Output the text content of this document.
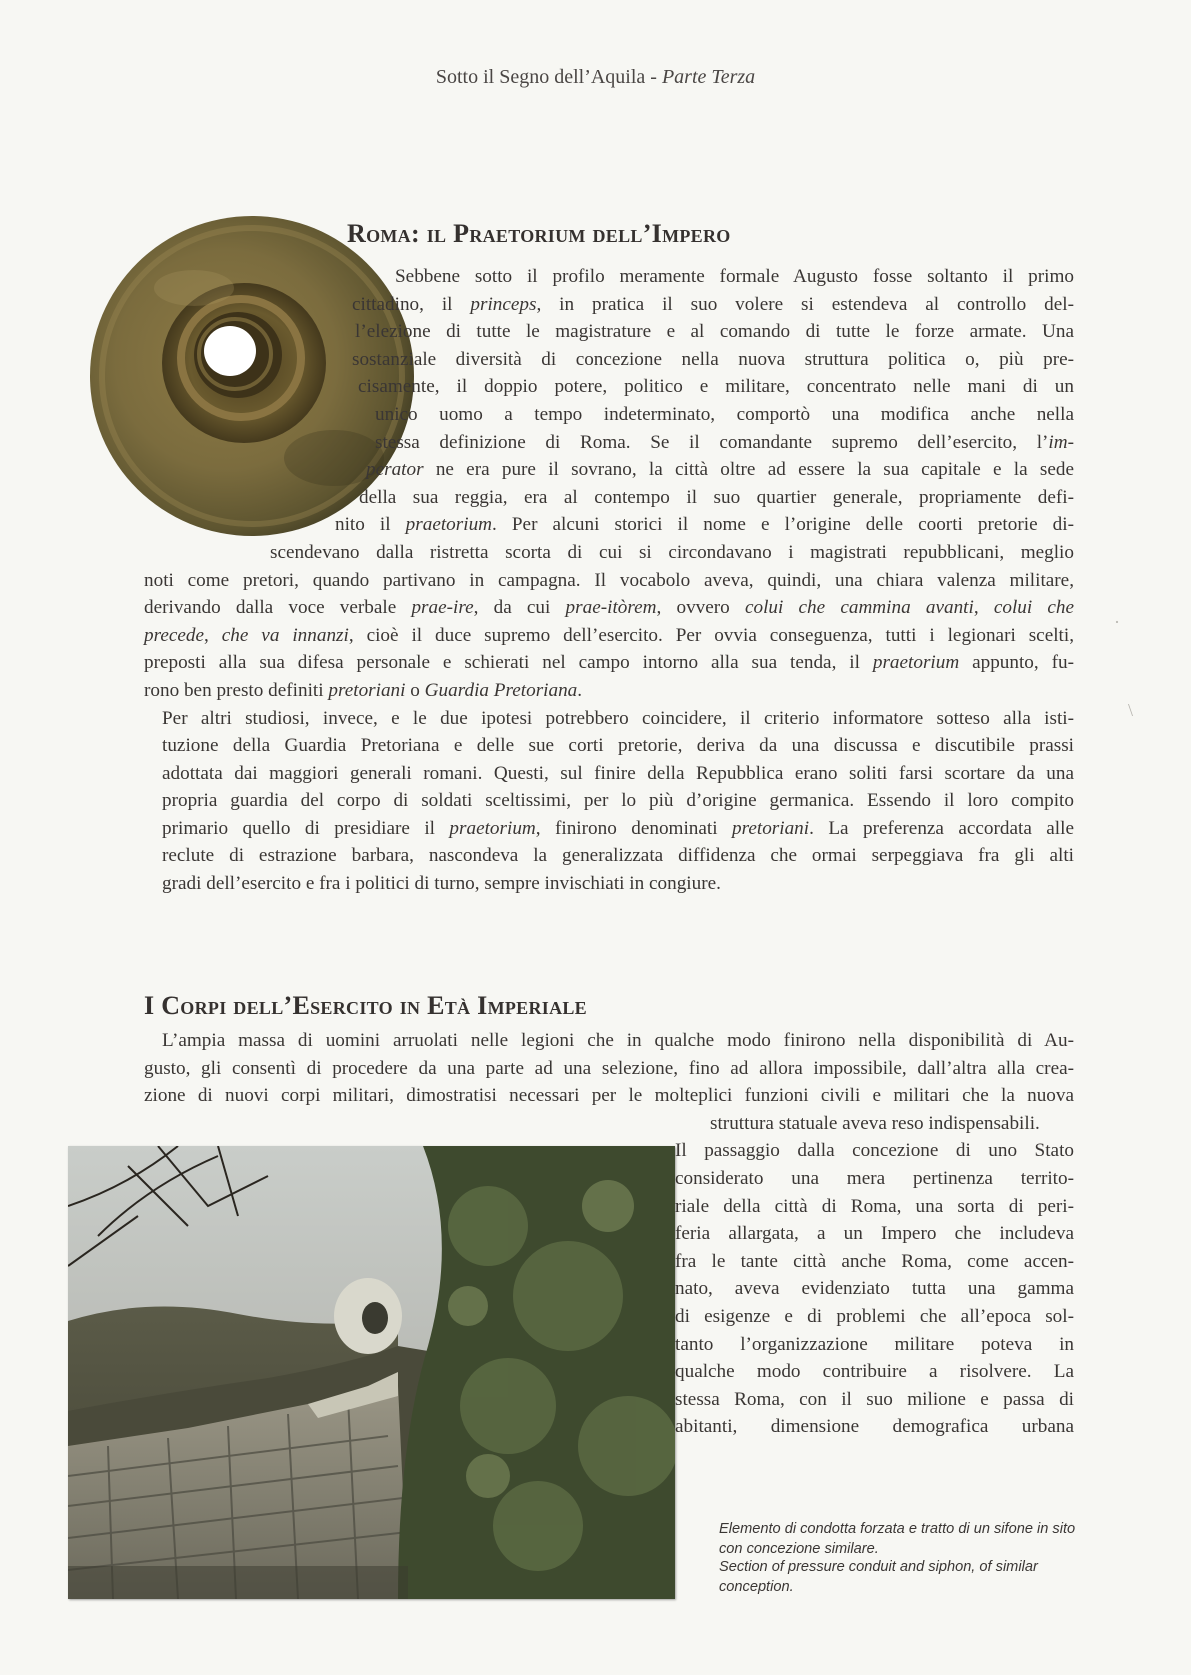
Sotto il Segno dell’Aquila - Parte Terza
Roma: il Praetorium dell’Impero

Sebbene sotto il profilo meramente formale Augusto fosse soltanto il primo
cittadino, il princeps, in pratica il suo volere si estendeva al controllo del-
l’elezione di tutte le magistrature e al comando di tutte le forze armate. Una
sostanziale diversità di concezione nella nuova struttura politica o, più pre-
cisamente, il doppio potere, politico e militare, concentrato nelle mani di un
unico uomo a tempo indeterminato, comportò una modifica anche nella
stessa definizione di Roma. Se il comandante supremo dell’esercito, l’im-
perator ne era pure il sovrano, la città oltre ad essere la sua capitale e la sede
della sua reggia, era al contempo il suo quartier generale, propriamente defi-
nito il praetorium. Per alcuni storici il nome e l’origine delle coorti pretorie di-
scendevano dalla ristretta scorta di cui si circondavano i magistrati repubblicani, meglio
noti come pretori, quando partivano in campagna. Il vocabolo aveva, quindi, una chiara valenza militare,
derivando dalla voce verbale prae-ire, da cui prae-itòrem, ovvero colui che cammina avanti, colui che
precede, che va innanzi, cioè il duce supremo dell’esercito. Per ovvia conseguenza, tutti i legionari scelti,
preposti alla sua difesa personale e schierati nel campo intorno alla sua tenda, il praetorium appunto, fu-
rono ben presto definiti pretoriani o Guardia Pretoriana.

Per altri studiosi, invece, e le due ipotesi potrebbero coincidere, il criterio informatore sotteso alla isti-
tuzione della Guardia Pretoriana e delle sue corti pretorie, deriva da una discussa e discutibile prassi
adottata dai maggiori generali romani. Questi, sul finire della Repubblica erano soliti farsi scortare da una
propria guardia del corpo di soldati sceltissimi, per lo più d’origine germanica. Essendo il loro compito
primario quello di presidiare il praetorium, finirono denominati pretoriani. La preferenza accordata alle
reclute di estrazione barbara, nascondeva la generalizzata diffidenza che ormai serpeggiava fra gli alti
gradi dell’esercito e fra i politici di turno, sempre invischiati in congiure.

I Corpi dell’Esercito in Età Imperiale

L’ampia massa di uomini arruolati nelle legioni che in qualche modo finirono nella disponibilità di Au-
gusto, gli consentì di procedere da una parte ad una selezione, fino ad allora impossibile, dall’altra alla crea-
zione di nuovi corpi militari, dimostratisi necessari per le molteplici funzioni civili e militari che la nuova
struttura statuale aveva reso indispensabili.
Il passaggio dalla concezione di uno Stato
considerato una mera pertinenza territo-
riale della città di Roma, una sorta di peri-
feria allargata, a un Impero che includeva
fra le tante città anche Roma, come accen-
nato, aveva evidenziato tutta una gamma
di esigenze e di problemi che all’epoca sol-
tanto l’organizzazione militare poteva in
qualche modo contribuire a risolvere. La
stessa Roma, con il suo milione e passa di
abitanti, dimensione demografica urbana

Elemento di condotta forzata e tratto di un sifone in sito con concezione similare.
Section of pressure conduit and siphon, of similar conception.
·
\
